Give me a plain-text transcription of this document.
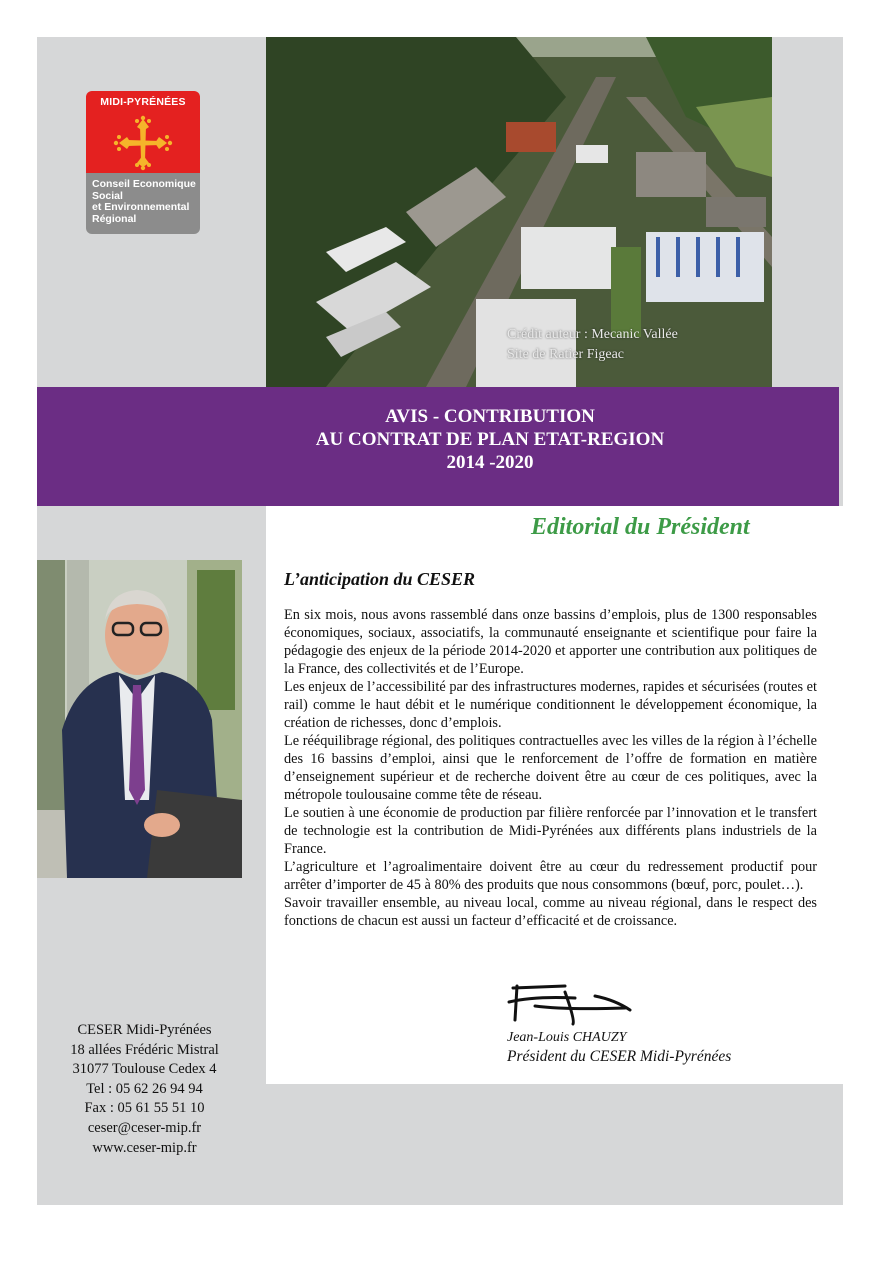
Crédit auteur : Mecanic Vallée
Site de Ratier Figeac
MIDI-PYRÉNÉES
Conseil Economique
Social
et Environnemental
Régional
AVIS - CONTRIBUTION
AU CONTRAT DE PLAN ETAT-REGION
2014 -2020
Editorial du Président
L’anticipation du CESER

En six mois, nous avons rassemblé dans onze bassins d’emplois, plus de 1300 responsables économiques, sociaux, associatifs, la communauté enseignante et scientifique pour faire la pédagogie des enjeux de la période 2014-2020 et apporter une contribution aux politiques de la France, des collectivités et de l’Europe.

Les enjeux de l’accessibilité par des infrastructures modernes, rapides et sécurisées (routes et rail) comme le haut débit et le numérique conditionnent le développement économique, la création de richesses, donc d’emplois.

Le rééquilibrage régional, des politiques contractuelles avec les villes de la région à l’échelle des 16 bassins d’emploi, ainsi que le renforcement de l’offre de formation en matière d’enseignement supérieur et de recherche doivent être au cœur de ces politiques, avec la métropole toulousaine comme tête de réseau.

Le soutien à une économie de production par filière renforcée par l’innovation et le transfert de technologie est la contribution de Midi-Pyrénées aux différents plans industriels de la France.

L’agriculture et l’agroalimentaire doivent être au cœur du redressement productif pour arrêter d’importer de 45 à 80% des produits que nous consommons (bœuf, porc, poulet…).

Savoir travailler ensemble, au niveau local, comme au niveau régional, dans le respect des fonctions de chacun est aussi un facteur d’efficacité et de croissance.

Jean-Louis CHAUZY
Président du CESER Midi-Pyrénées
CESER Midi-Pyrénées
18 allées Frédéric Mistral
31077 Toulouse Cedex 4
Tel : 05 62 26 94 94
Fax : 05 61 55 51 10
ceser@ceser-mip.fr
www.ceser-mip.fr
